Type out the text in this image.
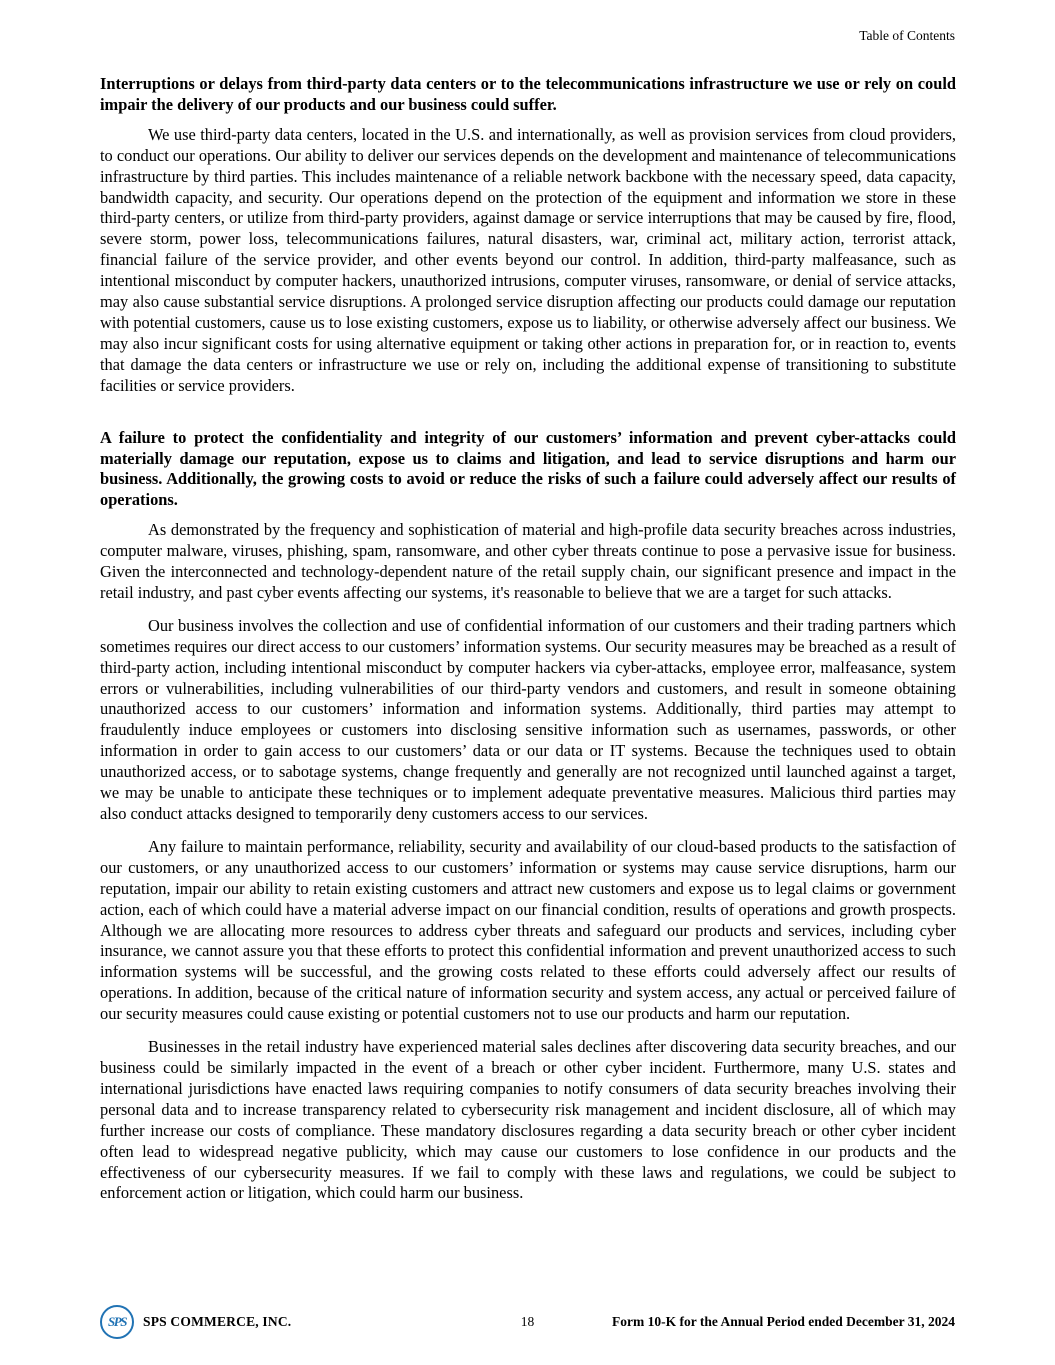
Table of Contents
Interruptions or delays from third-party data centers or to the telecommunications infrastructure we use or rely on could impair the delivery of our products and our business could suffer.

We use third-party data centers, located in the U.S. and internationally, as well as provision services from cloud providers, to conduct our operations. Our ability to deliver our services depends on the development and maintenance of telecommunications infrastructure by third parties. This includes maintenance of a reliable network backbone with the necessary speed, data capacity, bandwidth capacity, and security. Our operations depend on the protection of the equipment and information we store in these third-party centers, or utilize from third-party providers, against damage or service interruptions that may be caused by fire, flood, severe storm, power loss, telecommunications failures, natural disasters, war, criminal act, military action, terrorist attack, financial failure of the service provider, and other events beyond our control. In addition, third-party malfeasance, such as intentional misconduct by computer hackers, unauthorized intrusions, computer viruses, ransomware, or denial of service attacks, may also cause substantial service disruptions. A prolonged service disruption affecting our products could damage our reputation with potential customers, cause us to lose existing customers, expose us to liability, or otherwise adversely affect our business. We may also incur significant costs for using alternative equipment or taking other actions in preparation for, or in reaction to, events that damage the data centers or infrastructure we use or rely on, including the additional expense of transitioning to substitute facilities or service providers.

A failure to protect the confidentiality and integrity of our customers’ information and prevent cyber-attacks could materially damage our reputation, expose us to claims and litigation, and lead to service disruptions and harm our business. Additionally, the growing costs to avoid or reduce the risks of such a failure could adversely affect our results of operations.

As demonstrated by the frequency and sophistication of material and high-profile data security breaches across industries, computer malware, viruses, phishing, spam, ransomware, and other cyber threats continue to pose a pervasive issue for business. Given the interconnected and technology-dependent nature of the retail supply chain, our significant presence and impact in the retail industry, and past cyber events affecting our systems, it's reasonable to believe that we are a target for such attacks.

Our business involves the collection and use of confidential information of our customers and their trading partners which sometimes requires our direct access to our customers’ information systems. Our security measures may be breached as a result of third-party action, including intentional misconduct by computer hackers via cyber-attacks, employee error, malfeasance, system errors or vulnerabilities, including vulnerabilities of our third-party vendors and customers, and result in someone obtaining unauthorized access to our customers’ information and information systems. Additionally, third parties may attempt to fraudulently induce employees or customers into disclosing sensitive information such as usernames, passwords, or other information in order to gain access to our customers’ data or our data or IT systems. Because the techniques used to obtain unauthorized access, or to sabotage systems, change frequently and generally are not recognized until launched against a target, we may be unable to anticipate these techniques or to implement adequate preventative measures. Malicious third parties may also conduct attacks designed to temporarily deny customers access to our services.

Any failure to maintain performance, reliability, security and availability of our cloud-based products to the satisfaction of our customers, or any unauthorized access to our customers’ information or systems may cause service disruptions, harm our reputation, impair our ability to retain existing customers and attract new customers and expose us to legal claims or government action, each of which could have a material adverse impact on our financial condition, results of operations and growth prospects. Although we are allocating more resources to address cyber threats and safeguard our products and services, including cyber insurance, we cannot assure you that these efforts to protect this confidential information and prevent unauthorized access to such information systems will be successful, and the growing costs related to these efforts could adversely affect our results of operations. In addition, because of the critical nature of information security and system access, any actual or perceived failure of our security measures could cause existing or potential customers not to use our products and harm our reputation.

Businesses in the retail industry have experienced material sales declines after discovering data security breaches, and our business could be similarly impacted in the event of a breach or other cyber incident. Furthermore, many U.S. states and international jurisdictions have enacted laws requiring companies to notify consumers of data security breaches involving their personal data and to increase transparency related to cybersecurity risk management and incident disclosure, all of which may further increase our costs of compliance. These mandatory disclosures regarding a data security breach or other cyber incident often lead to widespread negative publicity, which may cause our customers to lose confidence in our products and the effectiveness of our cybersecurity measures. If we fail to comply with these laws and regulations, we could be subject to enforcement action or litigation, which could harm our business.

SPS SPS COMMERCE, INC.	18	Form 10-K for the Annual Period ended December 31, 2024
